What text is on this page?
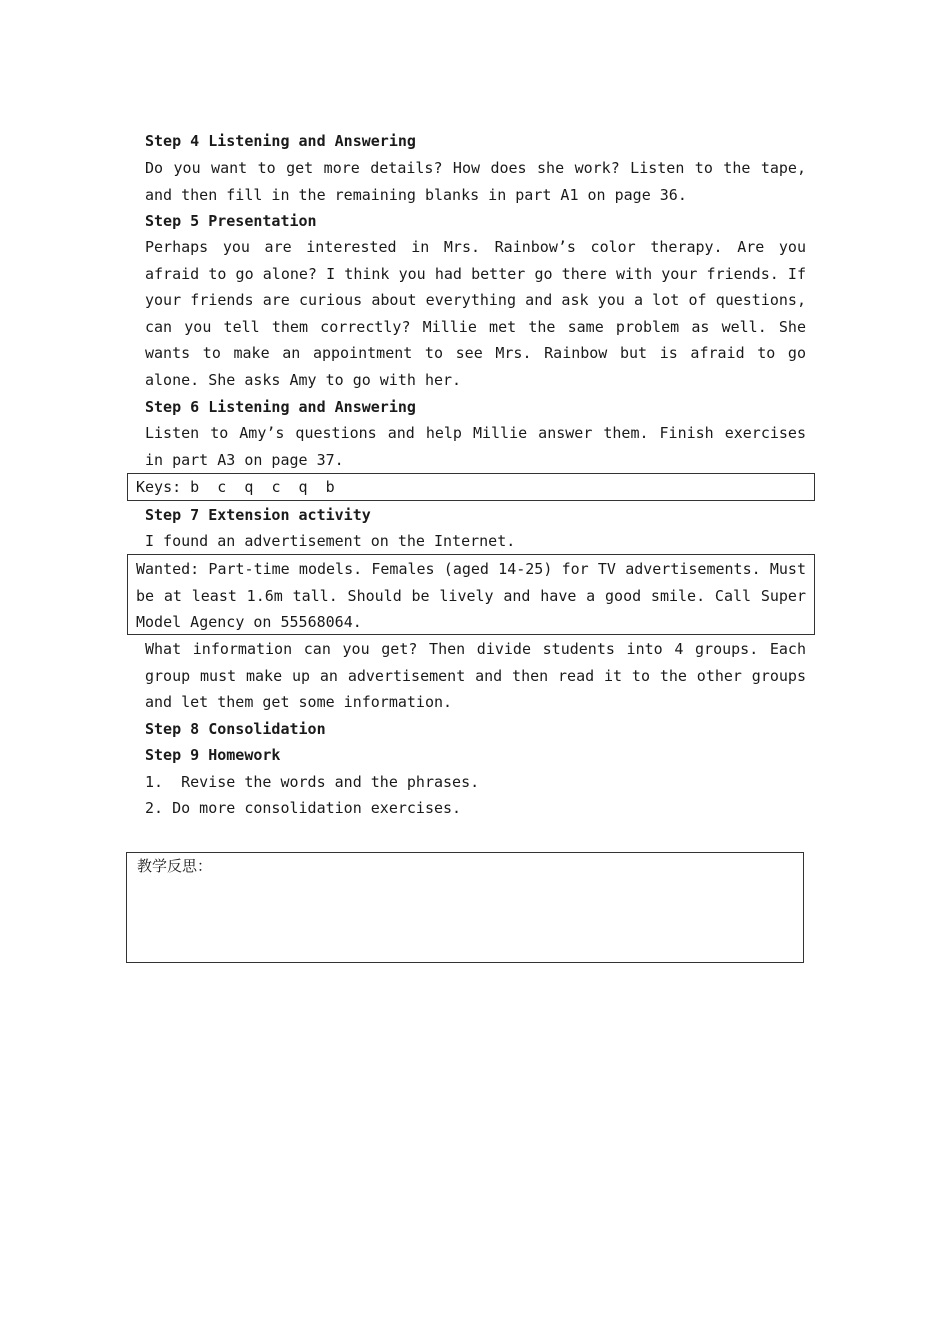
Step 4 Listening and Answering
Do you want to get more details? How does she work? Listen to the tape, and then fill in the remaining blanks in part A1 on page 36.
Step 5 Presentation
Perhaps you are interested in Mrs. Rainbow’s color therapy. Are you afraid to go alone? I think you had better go there with your friends. If your friends are curious about everything and ask you a lot of questions, can you tell them correctly? Millie met the same problem as well. She wants to make an appointment to see Mrs. Rainbow but is afraid to go alone. She asks Amy to go with her.
Step 6 Listening and Answering
Listen to Amy’s questions and help Millie answer them. Finish exercises in part A3 on page 37.
Keys: b  c  q  c  q  b
Step 7 Extension activity
I found an advertisement on the Internet.
Wanted: Part-time models. Females (aged 14-25) for TV advertisements. Must be at least 1.6m tall. Should be lively and have a good smile. Call Super Model Agency on 55568064.
What information can you get? Then divide students into 4 groups. Each group must make up an advertisement and then read it to the other groups and let them get some information.
Step 8 Consolidation
Step 9 Homework
1.  Revise the words and the phrases.
2. Do more consolidation exercises.
教学反思：
